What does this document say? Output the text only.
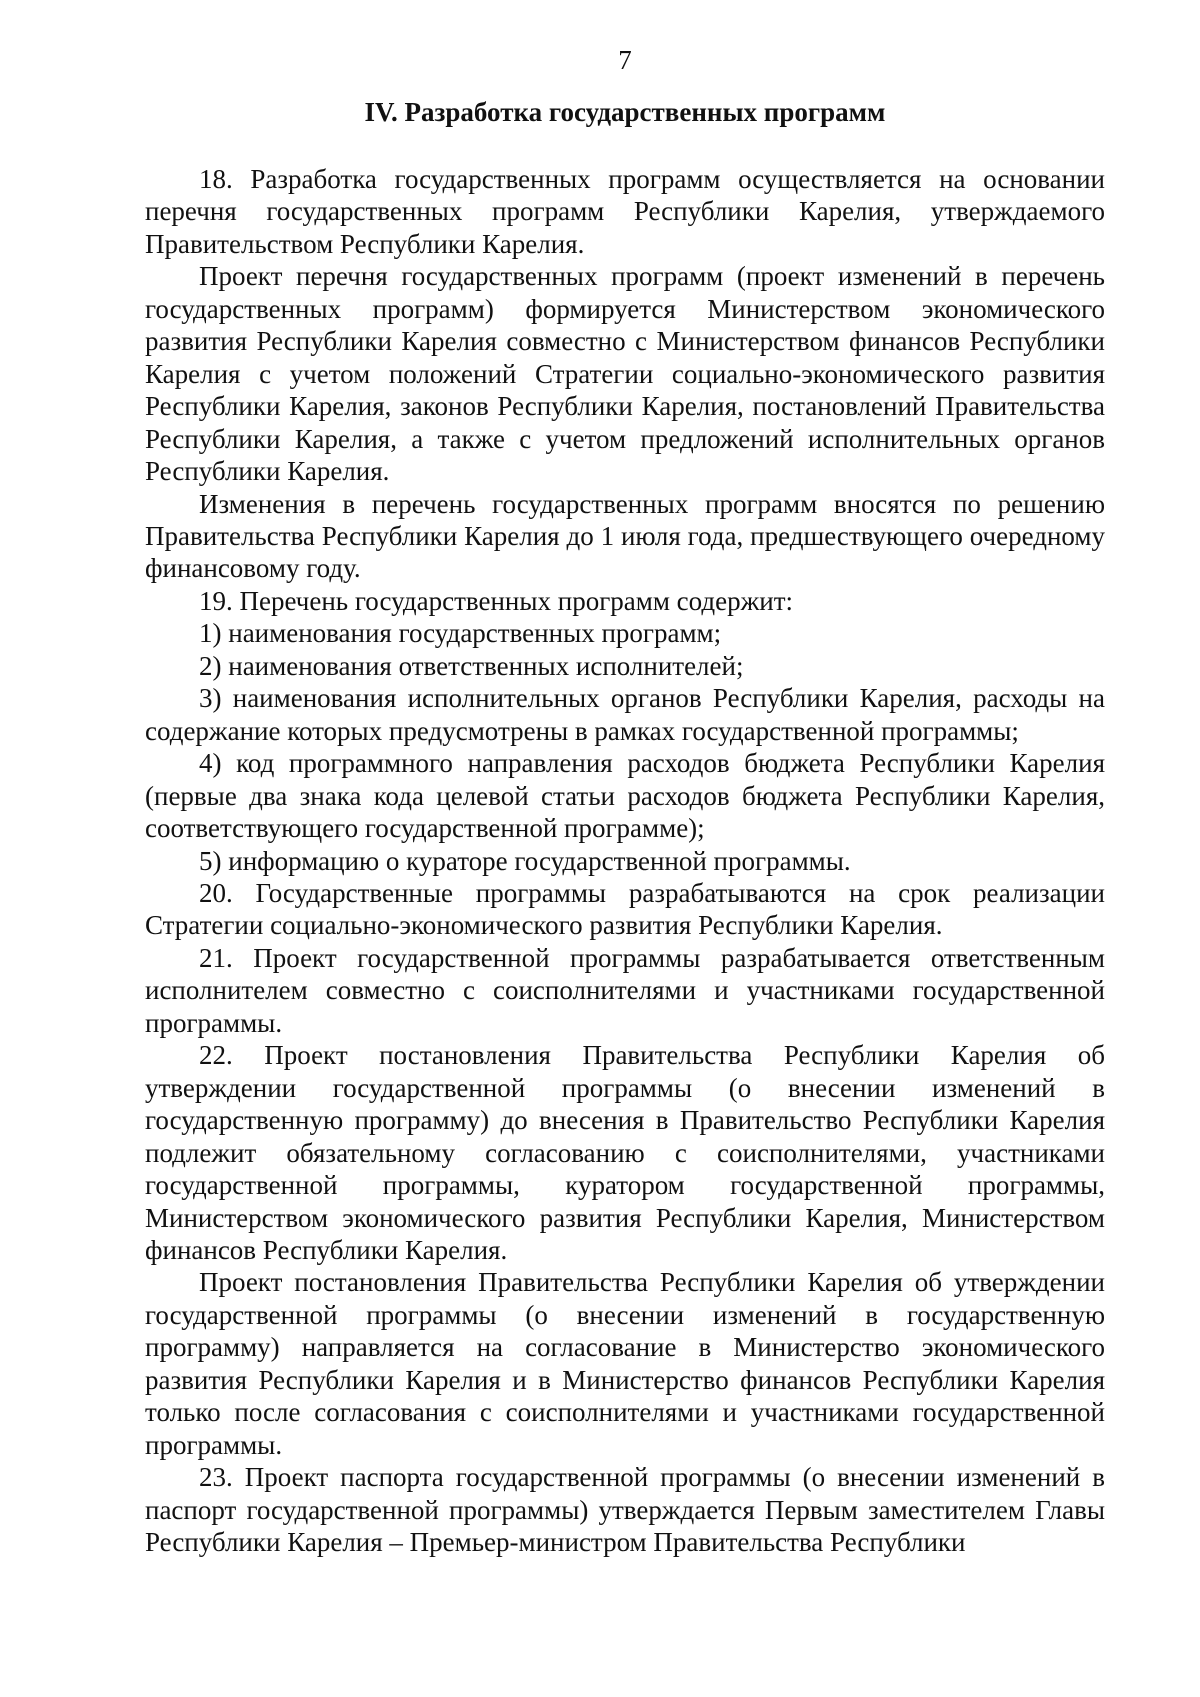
7
IV. Разработка государственных программ

18. Разработка государственных программ осуществляется на основании перечня государственных программ Республики Карелия, утверждаемого Правительством Республики Карелия.

Проект перечня государственных программ (проект изменений в перечень государственных программ) формируется Министерством экономического развития Республики Карелия совместно с Министерством финансов Республики Карелия с учетом положений Стратегии социально-экономического развития Республики Карелия, законов Республики Карелия, постановлений Правительства Республики Карелия, а также с учетом предложений исполнительных органов Республики Карелия.

Изменения в перечень государственных программ вносятся по решению Правительства Республики Карелия до 1 июля года, предшествующего очередному финансовому году.

19. Перечень государственных программ содержит:

1) наименования государственных программ;

2) наименования ответственных исполнителей;

3) наименования исполнительных органов Республики Карелия, расходы на содержание которых предусмотрены в рамках государственной программы;

4) код программного направления расходов бюджета Республики Карелия (первые два знака кода целевой статьи расходов бюджета Республики Карелия, соответствующего государственной программе);

5) информацию о кураторе государственной программы.

20. Государственные программы разрабатываются на срок реализации Стратегии социально-экономического развития Республики Карелия.

21. Проект государственной программы разрабатывается ответственным исполнителем совместно с соисполнителями и участниками государственной программы.

22. Проект постановления Правительства Республики Карелия об утверждении государственной программы (о внесении изменений в государственную программу) до внесения в Правительство Республики Карелия подлежит обязательному согласованию с соисполнителями, участниками государственной программы, куратором государственной программы, Министерством экономического развития Республики Карелия, Министерством финансов Республики Карелия.

Проект постановления Правительства Республики Карелия об утверждении государственной программы (о внесении изменений в государственную программу) направляется на согласование в Министерство экономического развития Республики Карелия и в Министерство финансов Республики Карелия только после согласования с соисполнителями и участниками государственной программы.

23. Проект паспорта государственной программы (о внесении изменений в паспорт государственной программы) утверждается Первым заместителем Главы Республики Карелия – Премьер-министром Правительства Республики
